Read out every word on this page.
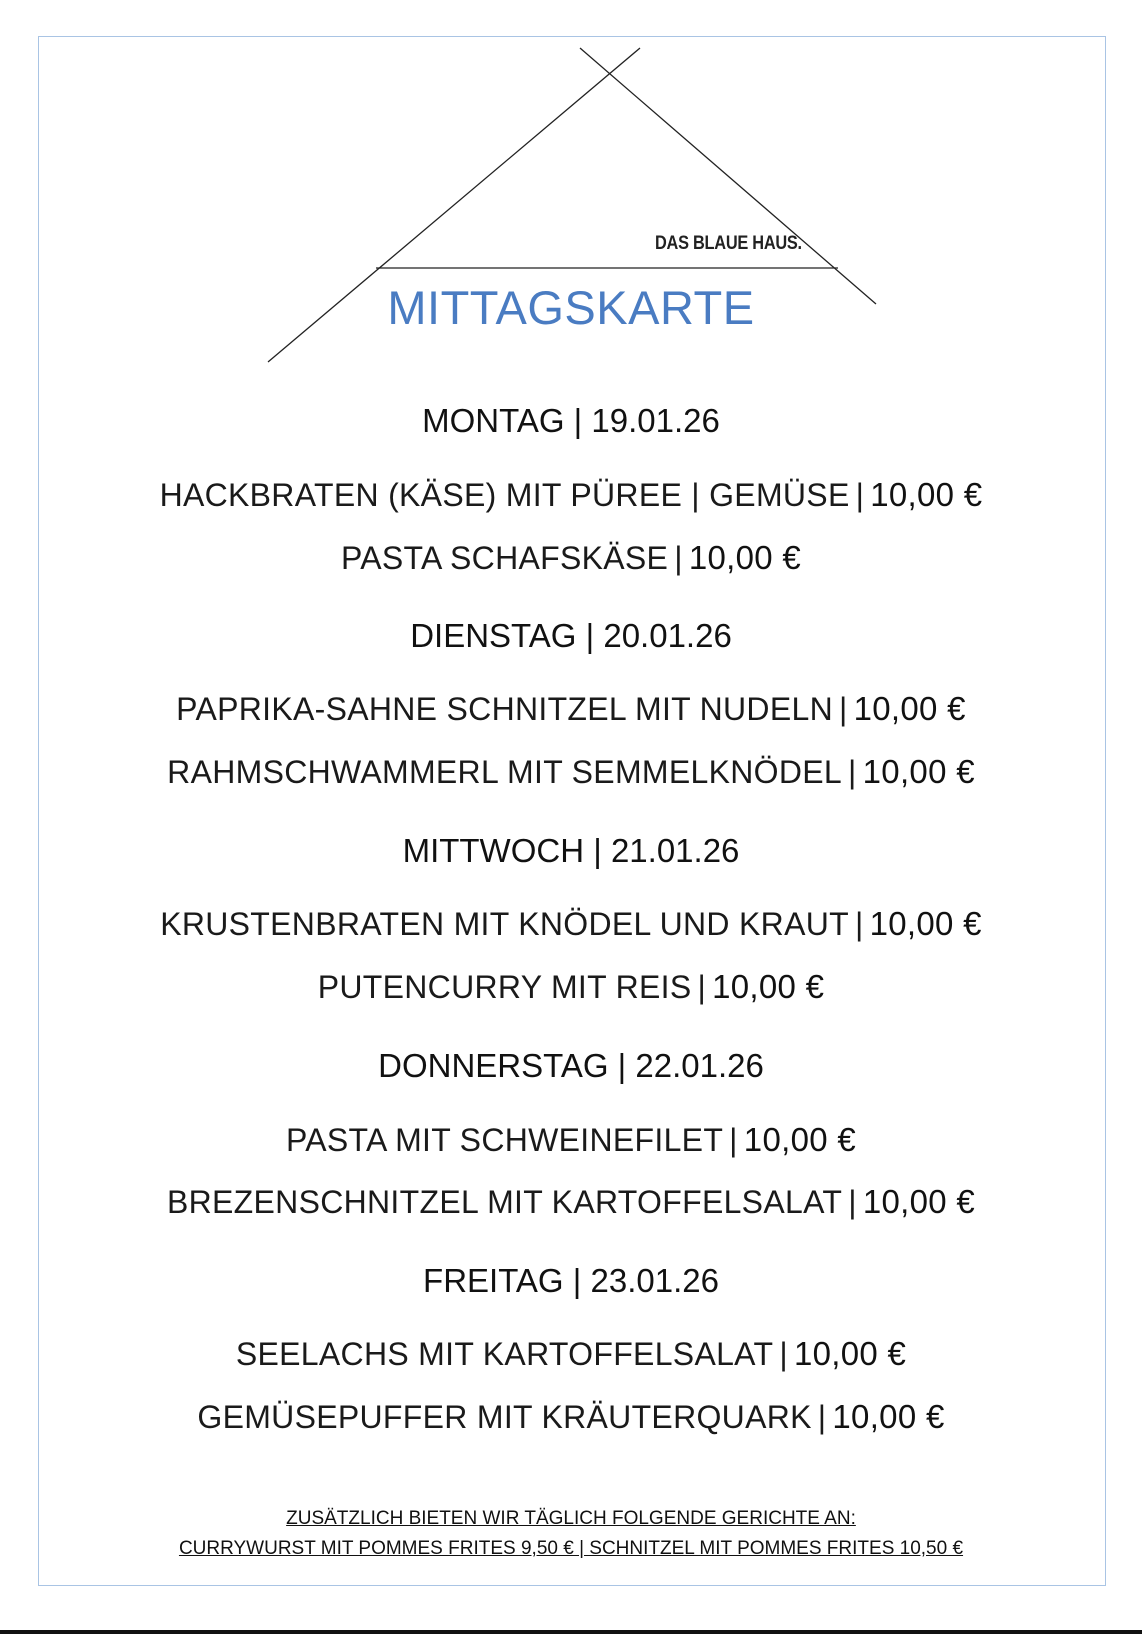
DAS BLAUE HAUS.
MITTAGSKARTE
MONTAG | 19.01.26
HACKBRATEN (KÄSE) MIT PÜREE | GEMÜSE | 10,00 €
PASTA SCHAFSKÄSE | 10,00 €
DIENSTAG | 20.01.26
PAPRIKA-SAHNE SCHNITZEL MIT NUDELN | 10,00 €
RAHMSCHWAMMERL MIT SEMMELKNÖDEL | 10,00 €
MITTWOCH | 21.01.26
KRUSTENBRATEN MIT KNÖDEL UND KRAUT | 10,00 €
PUTENCURRY MIT REIS | 10,00 €
DONNERSTAG | 22.01.26
PASTA MIT SCHWEINEFILET | 10,00 €
BREZENSCHNITZEL MIT KARTOFFELSALAT | 10,00 €
FREITAG | 23.01.26
SEELACHS MIT KARTOFFELSALAT | 10,00 €
GEMÜSEPUFFER MIT KRÄUTERQUARK | 10,00 €
ZUSÄTZLICH BIETEN WIR TÄGLICH FOLGENDE GERICHTE AN:
CURRYWURST MIT POMMES FRITES 9,50 € | SCHNITZEL MIT POMMES FRITES 10,50 €
